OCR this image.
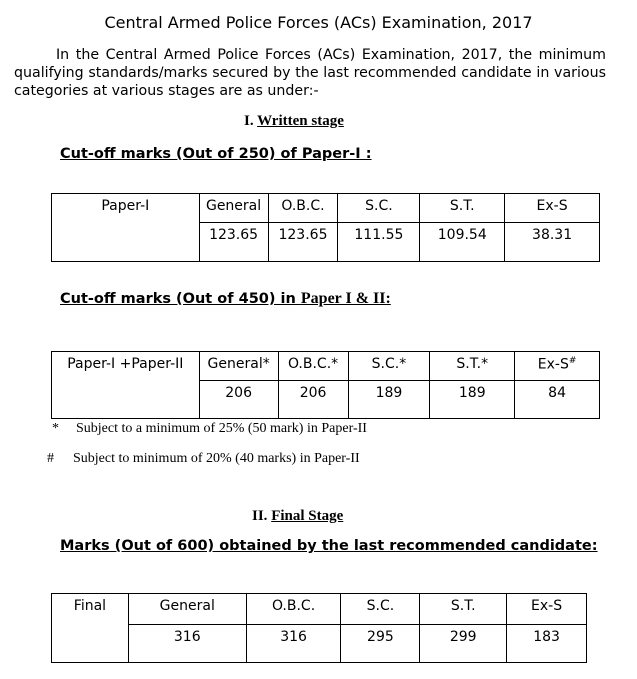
Central Armed Police Forces (ACs) Examination, 2017
In the Central Armed Police Forces (ACs) Examination, 2017, the minimum qualifying standards/marks secured by the last recommended candidate in various categories at various stages are as under:-
I. Written stage
Cut-off marks (Out of 250) of Paper-I :
Paper-I	General	O.B.C.	S.C.	S.T.	Ex-S
	123.65	123.65	111.55	109.54	38.31
Cut-off marks (Out of 450) in Paper I & II:
Paper-I +Paper-II	General*	O.B.C.*	S.C.*	S.T.*	Ex-S#
	206	206	189	189	84
* Subject to a minimum of 25% (50 mark) in Paper-II
# Subject to minimum of 20% (40 marks) in Paper-II
II. Final Stage
Marks (Out of 600) obtained by the last recommended candidate:
Final	General	O.B.C.	S.C.	S.T.	Ex-S
	316	316	295	299	183
